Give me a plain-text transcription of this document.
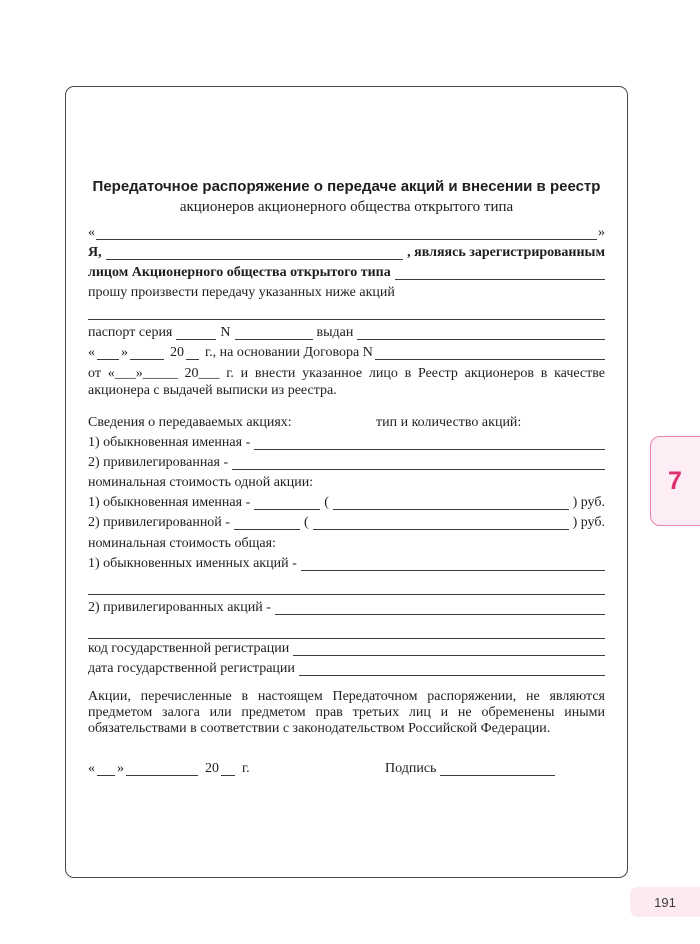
Передаточное распоряжение о передаче акций и внесении в реестр
акционеров акционерного общества открытого типа
«	»
Я,	, являясь зарегистрированным
лицом Акционерного общества открытого типа
прошу произвести передачу указанных ниже акций
паспорт серия	N	выдан
« »	20 г., на основании Договора N

от «___»_____ 20___ г. и внести указанное лицо в Реестр акционеров в качестве акционера с выдачей выписки из реестра.

Сведения о передаваемых акциях:	тип и количество акций:
1) обыкновенная именная -
2) привилегированная -
номинальная стоимость одной акции:
1) обыкновенная именная -	(	) руб.
2) привилегированной -	(	) руб.
номинальная стоимость общая:
1) обыкновенных именных акций -
2) привилегированных акций -
код государственной регистрации
дата государственной регистрации

Акции, перечисленные в настоящем Передаточном распоряжении, не являются предметом залога или предметом прав третьих лиц и не обременены иными обязательствами в соответствии с законодательством Российской Федерации.

« »	20 г.	Подпись
7
191
